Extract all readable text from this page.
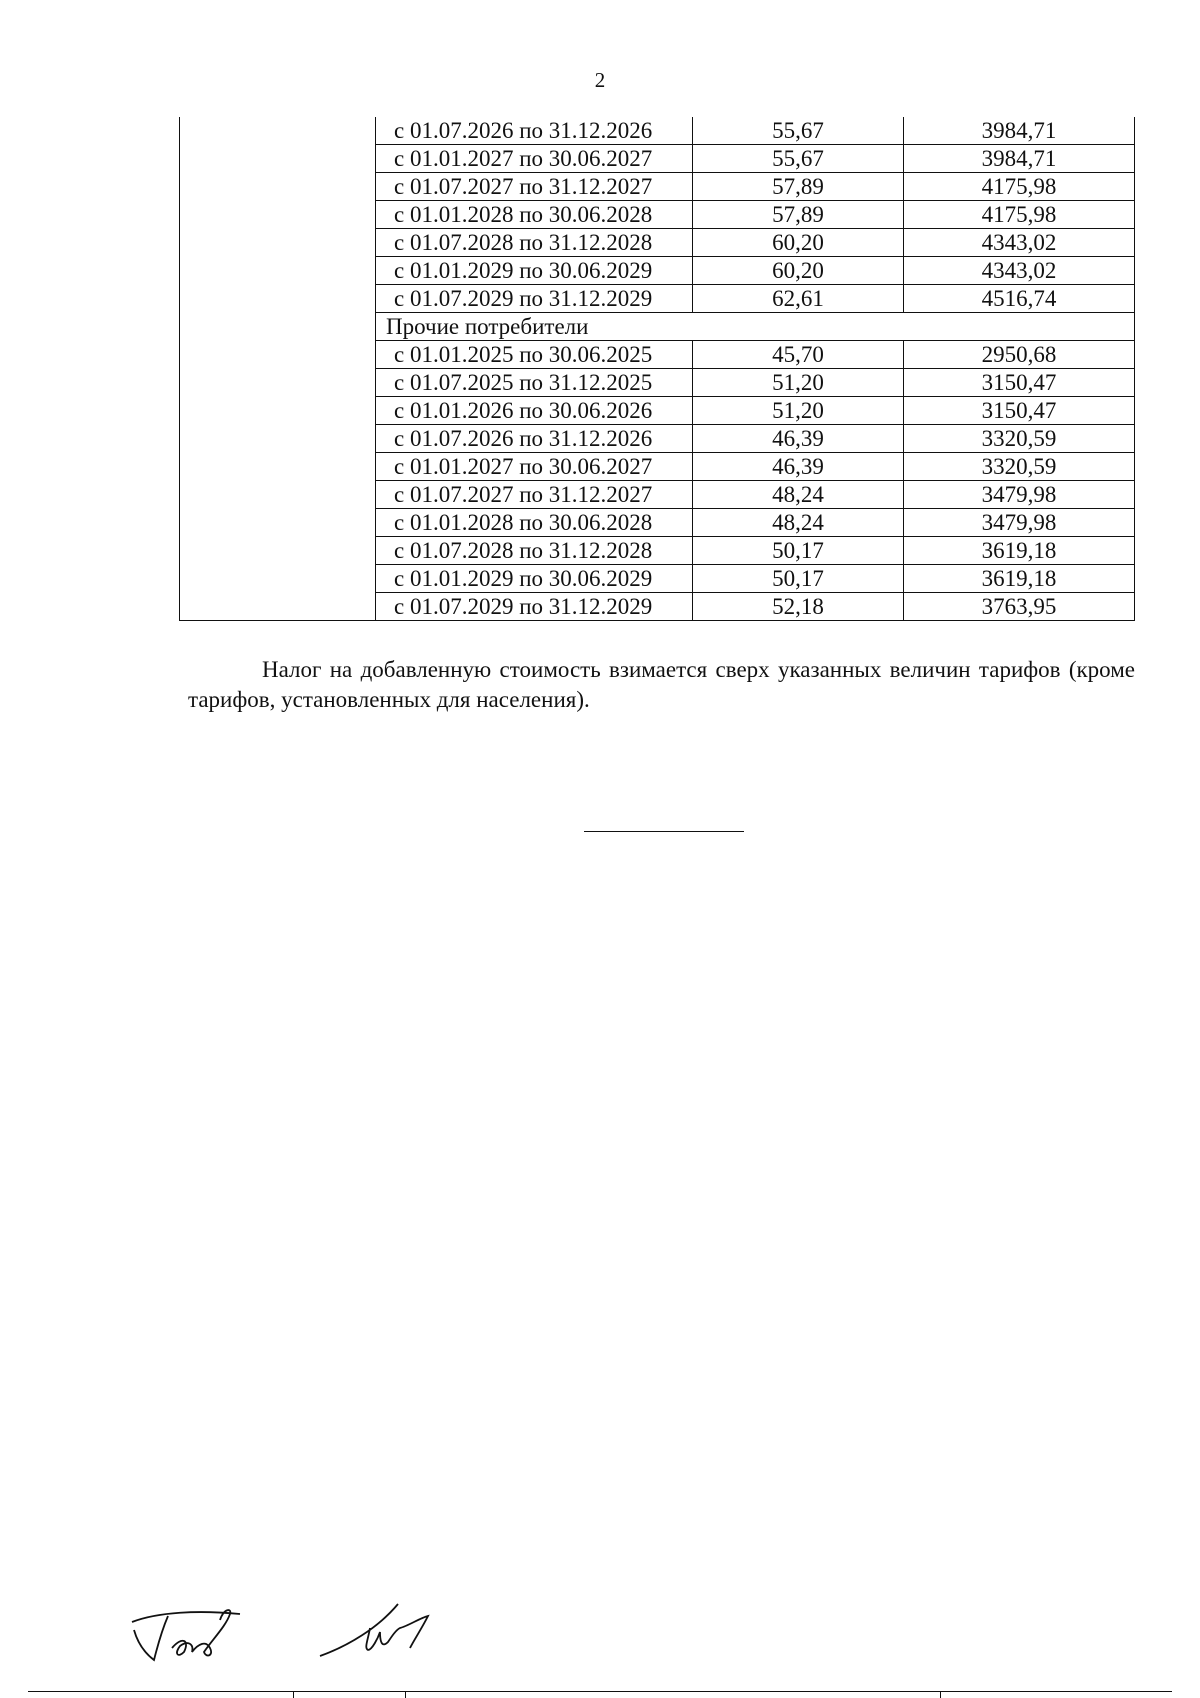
2
	с 01.07.2026 по 31.12.2026	55,67	3984,71
	с 01.01.2027 по 30.06.2027	55,67	3984,71
	с 01.07.2027 по 31.12.2027	57,89	4175,98
	с 01.01.2028 по 30.06.2028	57,89	4175,98
	с 01.07.2028 по 31.12.2028	60,20	4343,02
	с 01.01.2029 по 30.06.2029	60,20	4343,02
	с 01.07.2029 по 31.12.2029	62,61	4516,74
	Прочие потребители		
	с 01.01.2025 по 30.06.2025	45,70	2950,68
	с 01.07.2025 по 31.12.2025	51,20	3150,47
	с 01.01.2026 по 30.06.2026	51,20	3150,47
	с 01.07.2026 по 31.12.2026	46,39	3320,59
	с 01.01.2027 по 30.06.2027	46,39	3320,59
	с 01.07.2027 по 31.12.2027	48,24	3479,98
	с 01.01.2028 по 30.06.2028	48,24	3479,98
	с 01.07.2028 по 31.12.2028	50,17	3619,18
	с 01.01.2029 по 30.06.2029	50,17	3619,18
	с 01.07.2029 по 31.12.2029	52,18	3763,95
Налог на добавленную стоимость взимается сверх указанных величин тарифов (кроме тарифов, установленных для населения).
